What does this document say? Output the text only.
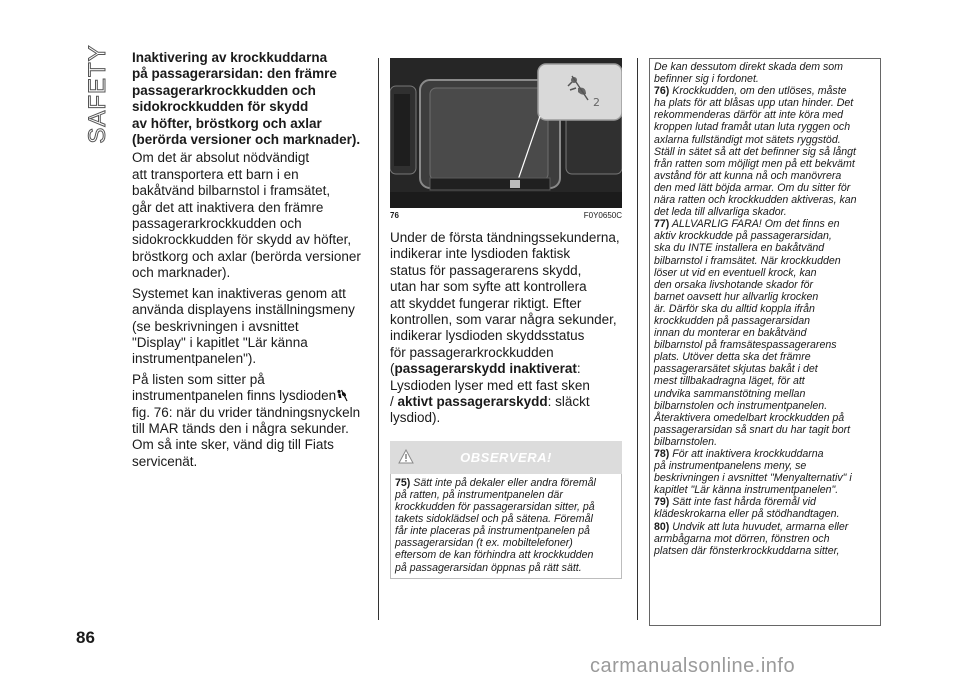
SAFETY Inaktivering av krockkuddarna
på passagerarsidan: den främre
passagerarkrockkudden och
sidokrockkudden för skydd
av höfter, bröstkorg och axlar
(berörda versioner och marknader).

Om det är absolut nödvändigt
att transportera ett barn i en
bakåtvänd bilbarnstol i framsätet,
går det att inaktivera den främre
passagerarkrockkudden och
sidokrockkudden för skydd av höfter,
bröstkorg och axlar (berörda versioner
och marknader).

Systemet kan inaktiveras genom att
använda displayens inställningsmeny
(se beskrivningen i avsnittet
"Display" i kapitlet "Lär känna
instrumentpanelen").

På listen som sitter på
instrumentpanelen finns lysdioden
fig. 76: när du vrider tändningsnyckeln
till MAR tänds den i några sekunder.
Om så inte sker, vänd dig till Fiats
servicenät.

2
76	F0Y0650C

Under de första tändningssekunderna,
indikerar inte lysdioden faktisk
status för passagerarens skydd,
utan har som syfte att kontrollera
att skyddet fungerar riktigt. Efter
kontrollen, som varar några sekunder,
indikerar lysdioden skyddsstatus
för passagerarkrockkudden
(passagerarskydd inaktiverat:
Lysdioden lyser med ett fast sken
/ aktivt passagerarskydd: släckt
lysdiod).

OBSERVERA!

75) Sätt inte på dekaler eller andra föremål

på ratten, på instrumentpanelen där

krockkudden för passagerarsidan sitter, på

takets sidoklädsel och på sätena. Föremål

får inte placeras på instrumentpanelen på

passagerarsidan (t ex. mobiltelefoner)

eftersom de kan förhindra att krockkudden

på passagerarsidan öppnas på rätt sätt.

De kan dessutom direkt skada dem som

befinner sig i fordonet.

76) Krockkudden, om den utlöses, måste

ha plats för att blåsas upp utan hinder. Det

rekommenderas därför att inte köra med

kroppen lutad framåt utan luta ryggen och

axlarna fullständigt mot sätets ryggstöd.

Ställ in sätet så att det befinner sig så långt

från ratten som möjligt men på ett bekvämt

avstånd för att kunna nå och manövrera

den med lätt böjda armar. Om du sitter för

nära ratten och krockkudden aktiveras, kan

det leda till allvarliga skador.

77) ALLVARLIG FARA! Om det finns en

aktiv krockkudde på passagerarsidan,

ska du INTE installera en bakåtvänd

bilbarnstol i framsätet. När krockkudden

löser ut vid en eventuell krock, kan

den orsaka livshotande skador för

barnet oavsett hur allvarlig krocken

är. Därför ska du alltid koppla ifrån

krockkudden på passagerarsidan

innan du monterar en bakåtvänd

bilbarnstol på framsätespassagerarens

plats. Utöver detta ska det främre

passagerarsätet skjutas bakåt i det

mest tillbakadragna läget, för att

undvika sammanstötning mellan

bilbarnstolen och instrumentpanelen.

Återaktivera omedelbart krockkudden på

passagerarsidan så snart du har tagit bort

bilbarnstolen.

78) För att inaktivera krockkuddarna

på instrumentpanelens meny, se

beskrivningen i avsnittet "Menyalternativ" i

kapitlet "Lär känna instrumentpanelen".

79) Sätt inte fast hårda föremål vid

klädeskrokarna eller på stödhandtagen.

80) Undvik att luta huvudet, armarna eller

armbågarna mot dörren, fönstren och

platsen där fönsterkrockkuddarna sitter,

86
carmanualsonline.info
